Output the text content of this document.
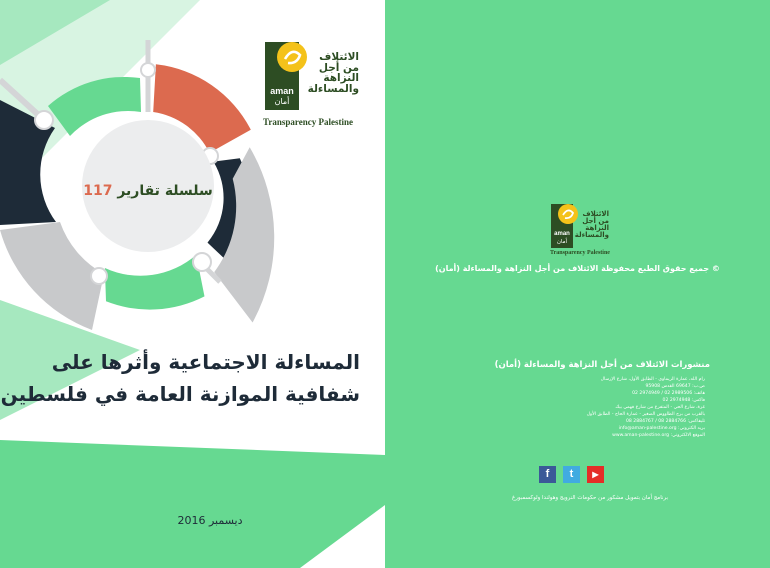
سلسلة تقارير 117
aman
أمان
الائتلاف
من أجل
النزاهة
والمساءلة
Transparency Palestine
المساءلة الاجتماعية وأثرها على
شفافية الموازنة العامة في فلسطين
ديسمبر 2016
aman
أمان
الائتلاف
من أجل
النزاهة
والمساءلة
Transparency Palestine
© جميع حقوق الطبع محفوظة الائتلاف من أجل النزاهة والمساءلة (أمان)
منشورات الائتلاف من أجل النزاهة والمساءلة (أمان)
رام الله، عمارة الريماوي - الطابق الأول، شارع الإرسال
ص.ب: 69647 القدس 95908
هاتف: 2989506 02 / 2974949 02
فاكس: 2974948 02
غزة، شارع الحي - المتفرع من شارع فهمي بيك
بالقرب من برج الطاووس الصغير - عمارة الحاج - الطابق الأول
تليفاكس: 2884766 08 / 2884767 08
بريد الكتروني: info@aman-palestine.org
الموقع الالكتروني: www.aman-palestine.org
f	t	▶
برنامج أمان بتمويل مشكور من حكومات النرويج وهولندا ولوكسمبورغ
